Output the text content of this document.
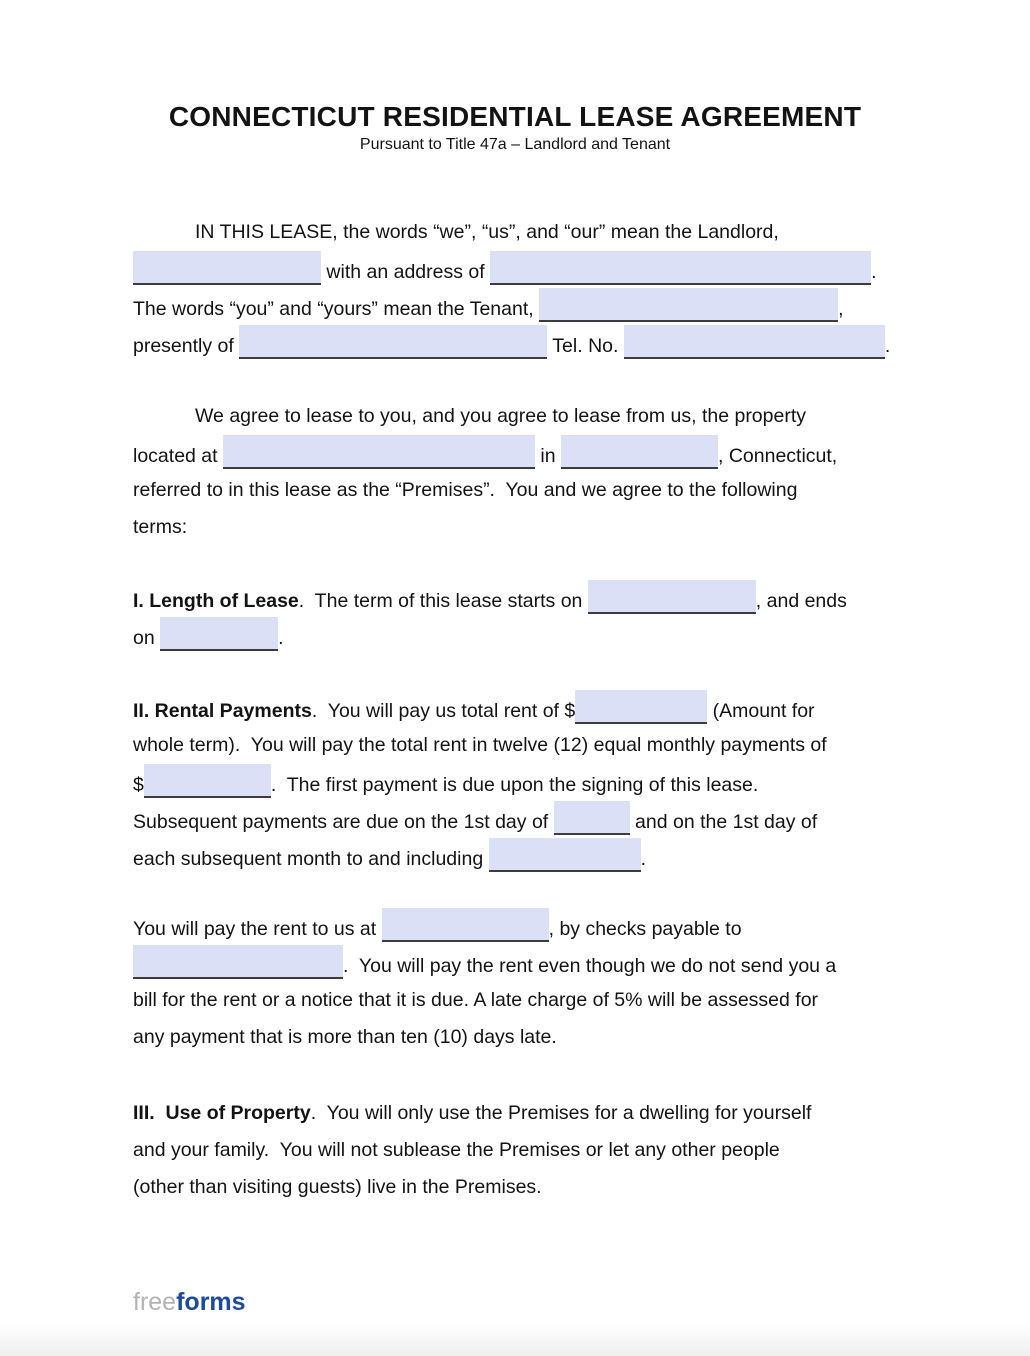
CONNECTICUT RESIDENTIAL LEASE AGREEMENT
Pursuant to Title 47a – Landlord and Tenant
IN THIS LEASE, the words “we”, “us”, and “our” mean the Landlord,
with an address of	.
The words “you” and “yours” mean the Tenant,	,
presently of	Tel. No.	.
We agree to lease to you, and you agree to lease from us, the property
located at	in	, Connecticut,
referred to in this lease as the “Premises”.  You and we agree to the following
terms:
I. Length of Lease.  The term of this lease starts on	, and ends
on	.
II. Rental Payments.  You will pay us total rent of $	(Amount for
whole term).  You will pay the total rent in twelve (12) equal monthly payments of
$	.  The first payment is due upon the signing of this lease.
Subsequent payments are due on the 1st day of	and on the 1st day of
each subsequent month to and including	.
You will pay the rent to us at	, by checks payable to
.  You will pay the rent even though we do not send you a
bill for the rent or a notice that it is due. A late charge of 5% will be assessed for
any payment that is more than ten (10) days late.
III.  Use of Property.  You will only use the Premises for a dwelling for yourself
and your family.  You will not sublease the Premises or let any other people
(other than visiting guests) live in the Premises.
freeforms
